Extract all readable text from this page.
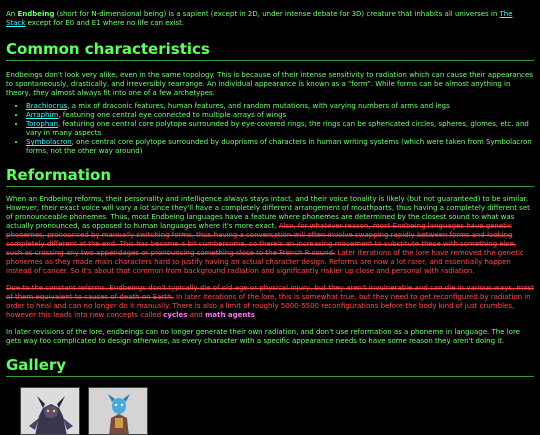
An Endbeing (short for N-dimensional being) is a sapient (except in 2D, under intense debate for 3D) creature that inhabits all universes in The Stack except for E0 and E1 where no life can exist.

Common characteristics

Endbeings don't look very alike, even in the same topology. This is because of their intense sensitivity to radiation which can cause their appearances to spontaneously, drastically, and irreversibly rearrange. An individual appearance is known as a "form". While forms can be almost anything in theory, they almost always fit into one of a few archetypes:

• Brachiocrus, a mix of draconic features, human features, and random mutations, with varying numbers of arms and legs
• Arraphim, featuring one central eye connected to multiple arrays of wings
• Torophan, featuring one central core polytope surrounded by eye-covered rings; the rings can be sphericated circles, spheres, glomes, etc. and vary in many aspects
• Symbolacron, one central core polytope surrounded by duoprisms of characters in human writing systems (which were taken from Symbolacron forms, not the other way around)
Reformation

When an Endbeing reforms, their personality and intelligence always stays intact, and their voice tonality is likely (but not guaranteed) to be similar. However, their exact voice will vary a lot since they'll have a completely different arrangement of mouthparts, thus having a completely different set of pronounceable phonemes. Thus, most Endbeing languages have a feature where phonemes are determined by the closest sound to what was actually pronounced, as opposed to human languages where it's more exact. Also, for whatever reason, most Endbeing languages have genetic phonemes, pronounced by manually switching forms, thus having a conversation will often involve swapping rapidly between forms and looking completely different at the end. This has become a bit cumbersome, so there's an increasing movement to substitute these with something else, such as crossing any two appendages or pronouncing something close to the French R sound. Later iterations of the lore have removed the genetic phonemes as they made main characters hard to justify having an actual character design. Reforms are now a lot rarer, and essentially happen instead of cancer. So it's about that common from background radiation and significantly riskier up close and personal with radiation.

Due to the constant reforms, Endbeings don't typically die of old age or physical injury, but they aren't invulnerable and can die in various ways, most of them equivalent to causes of death on Earth. In later iterations of the lore, this is somewhat true, but they need to get reconfigured by radiation in order to heal and can no longer do it manually. There is also a limit of roughly 5000-5500 reconfigurations before the body kind of just crumbles, however this leads into new concepts called cycles and math agents

In later revisions of the lore, endbeings can no longer generate their own radiation, and don't use reformation as a phoneme in language. The lore gets way too complicated to design otherwise, as every character with a specific appearance needs to have some reason they aren't doing it.

Gallery
